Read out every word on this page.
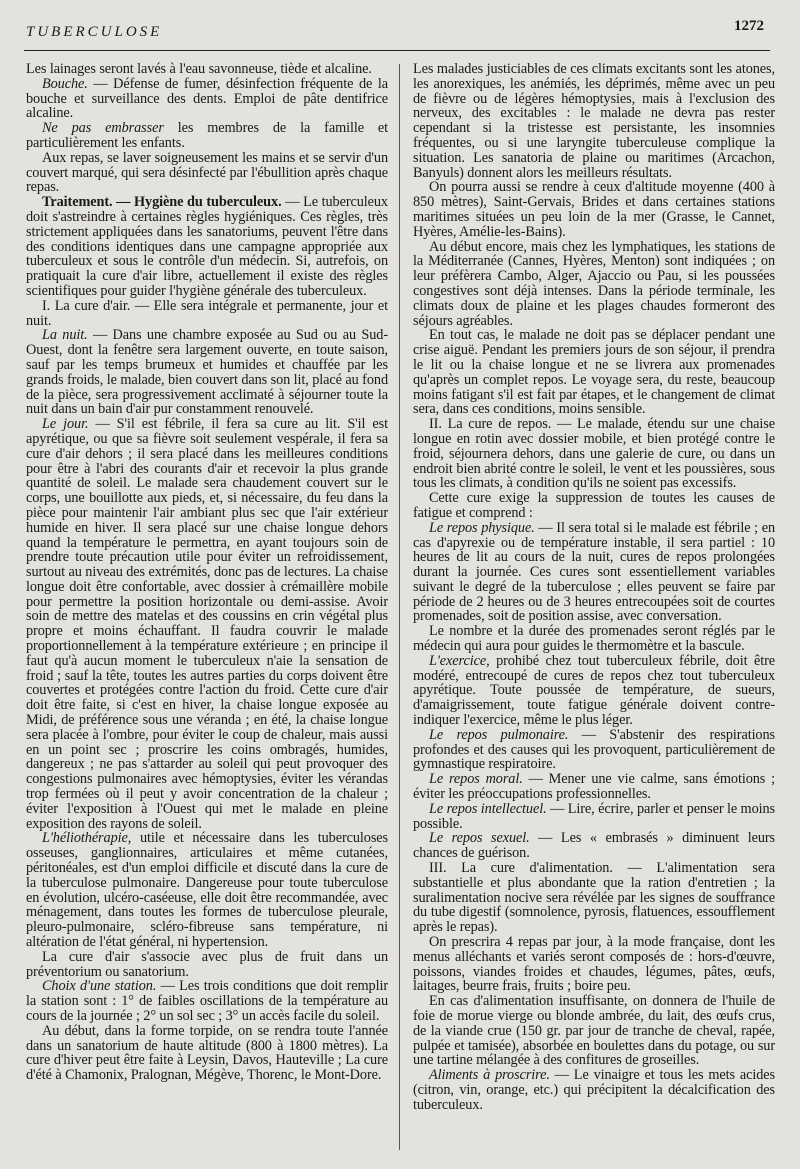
TUBERCULOSE	1272

Les lainages seront lavés à l'eau savonneuse, tiède et alcaline.

Bouche. — Défense de fumer, désinfection fréquente de la bouche et surveillance des dents. Emploi de pâte dentifrice alcaline.

Ne pas embrasser les membres de la famille et particulièrement les enfants.

Aux repas, se laver soigneusement les mains et se servir d'un couvert marqué, qui sera désinfecté par l'ébullition après chaque repas.

Traitement. — Hygiène du tuberculeux. — Le tuberculeux doit s'astreindre à certaines règles hygiéniques. Ces règles, très strictement appliquées dans les sanatoriums, peuvent l'être dans des conditions identiques dans une campagne appropriée aux tuberculeux et sous le contrôle d'un médecin. Si, autrefois, on pratiquait la cure d'air libre, actuellement il existe des règles scientifiques pour guider l'hygiène générale des tuberculeux.

I. La cure d'air. — Elle sera intégrale et permanente, jour et nuit.

La nuit. — Dans une chambre exposée au Sud ou au Sud-Ouest, dont la fenêtre sera largement ouverte, en toute saison, sauf par les temps brumeux et humides et chauffée par les grands froids, le malade, bien couvert dans son lit, placé au fond de la pièce, sera progressivement acclimaté à séjourner toute la nuit dans un bain d'air pur constamment renouvelé.

Le jour. — S'il est fébrile, il fera sa cure au lit. S'il est apyrétique, ou que sa fièvre soit seulement vespérale, il fera sa cure d'air dehors ; il sera placé dans les meilleures conditions pour être à l'abri des courants d'air et recevoir la plus grande quantité de soleil. Le malade sera chaudement couvert sur le corps, une bouillotte aux pieds, et, si nécessaire, du feu dans la pièce pour maintenir l'air ambiant plus sec que l'air extérieur humide en hiver. Il sera placé sur une chaise longue dehors quand la température le permettra, en ayant toujours soin de prendre toute précaution utile pour éviter un refroidissement, surtout au niveau des extrémités, donc pas de lectures. La chaise longue doit être confortable, avec dossier à crémaillère mobile pour permettre la position horizontale ou demi-assise. Avoir soin de mettre des matelas et des coussins en crin végétal plus propre et moins échauffant. Il faudra couvrir le malade proportionnellement à la température extérieure ; en principe il faut qu'à aucun moment le tuberculeux n'aie la sensation de froid ; sauf la tête, toutes les autres parties du corps doivent être couvertes et protégées contre l'action du froid. Cette cure d'air doit être faite, si c'est en hiver, la chaise longue exposée au Midi, de préférence sous une véranda ; en été, la chaise longue sera placée à l'ombre, pour éviter le coup de chaleur, mais aussi en un point sec ; proscrire les coins ombragés, humides, dangereux ; ne pas s'attarder au soleil qui peut provoquer des congestions pulmonaires avec hémoptysies, éviter les vérandas trop fermées où il peut y avoir concentration de la chaleur ; éviter l'exposition à l'Ouest qui met le malade en pleine exposition des rayons de soleil.

L'héliothérapie, utile et nécessaire dans les tuberculoses osseuses, ganglionnaires, articulaires et même cutanées, péritonéales, est d'un emploi difficile et discuté dans la cure de la tuberculose pulmonaire. Dangereuse pour toute tuberculose en évolution, ulcéro-caséeuse, elle doit être recommandée, avec ménagement, dans toutes les formes de tuberculose pleurale, pleuro-pulmonaire, scléro-fibreuse sans température, ni altération de l'état général, ni hypertension.

La cure d'air s'associe avec plus de fruit dans un préventorium ou sanatorium.

Choix d'une station. — Les trois conditions que doit remplir la station sont : 1° de faibles oscillations de la température au cours de la journée ; 2° un sol sec ; 3° un accès facile du soleil.

Au début, dans la forme torpide, on se rendra toute l'année dans un sanatorium de haute altitude (800 à 1800 mètres). La cure d'hiver peut être faite à Leysin, Davos, Hauteville ; La cure d'été à Chamonix, Pralognan, Mégève, Thorenc, le Mont-Dore.

Les malades justiciables de ces climats excitants sont les atones, les anorexiques, les anémiés, les déprimés, même avec un peu de fièvre ou de légères hémoptysies, mais à l'exclusion des nerveux, des excitables : le malade ne devra pas rester cependant si la tristesse est persistante, les insomnies fréquentes, ou si une laryngite tuberculeuse complique la situation. Les sanatoria de plaine ou maritimes (Arcachon, Banyuls) donnent alors les meilleurs résultats.

On pourra aussi se rendre à ceux d'altitude moyenne (400 à 850 mètres), Saint-Gervais, Brides et dans certaines stations maritimes situées un peu loin de la mer (Grasse, le Cannet, Hyères, Amélie-les-Bains).

Au début encore, mais chez les lymphatiques, les stations de la Méditerranée (Cannes, Hyères, Menton) sont indiquées ; on leur préfèrera Cambo, Alger, Ajaccio ou Pau, si les poussées congestives sont déjà intenses. Dans la période terminale, les climats doux de plaine et les plages chaudes formeront des séjours agréables.

En tout cas, le malade ne doit pas se déplacer pendant une crise aiguë. Pendant les premiers jours de son séjour, il prendra le lit ou la chaise longue et ne se livrera aux promenades qu'après un complet repos. Le voyage sera, du reste, beaucoup moins fatigant s'il est fait par étapes, et le changement de climat sera, dans ces conditions, moins sensible.

II. La cure de repos. — Le malade, étendu sur une chaise longue en rotin avec dossier mobile, et bien protégé contre le froid, séjournera dehors, dans une galerie de cure, ou dans un endroit bien abrité contre le soleil, le vent et les poussières, sous tous les climats, à condition qu'ils ne soient pas excessifs.

Cette cure exige la suppression de toutes les causes de fatigue et comprend :

Le repos physique. — Il sera total si le malade est fébrile ; en cas d'apyrexie ou de température instable, il sera partiel : 10 heures de lit au cours de la nuit, cures de repos prolongées durant la journée. Ces cures sont essentiellement variables suivant le degré de la tuberculose ; elles peuvent se faire par période de 2 heures ou de 3 heures entrecoupées soit de courtes promenades, soit de position assise, avec conversation.

Le nombre et la durée des promenades seront réglés par le médecin qui aura pour guides le thermomètre et la bascule.

L'exercice, prohibé chez tout tuberculeux fébrile, doit être modéré, entrecoupé de cures de repos chez tout tuberculeux apyrétique. Toute poussée de température, de sueurs, d'amaigrissement, toute fatigue générale doivent contre-indiquer l'exercice, même le plus léger.

Le repos pulmonaire. — S'abstenir des respirations profondes et des causes qui les provoquent, particulièrement de gymnastique respiratoire.

Le repos moral. — Mener une vie calme, sans émotions ; éviter les préoccupations professionnelles.

Le repos intellectuel. — Lire, écrire, parler et penser le moins possible.

Le repos sexuel. — Les « embrasés » diminuent leurs chances de guérison.

III. La cure d'alimentation. — L'alimentation sera substantielle et plus abondante que la ration d'entretien ; la suralimentation nocive sera révélée par les signes de souffrance du tube digestif (somnolence, pyrosis, flatuences, essoufflement après le repas).

On prescrira 4 repas par jour, à la mode française, dont les menus alléchants et variés seront composés de : hors-d'œuvre, poissons, viandes froides et chaudes, légumes, pâtes, œufs, laitages, beurre frais, fruits ; boire peu.

En cas d'alimentation insuffisante, on donnera de l'huile de foie de morue vierge ou blonde ambrée, du lait, des œufs crus, de la viande crue (150 gr. par jour de tranche de cheval, rapée, pulpée et tamisée), absorbée en boulettes dans du potage, ou sur une tartine mélangée à des confitures de groseilles.

Aliments à proscrire. — Le vinaigre et tous les mets acides (citron, vin, orange, etc.) qui précipitent la décalcification des tuberculeux.
